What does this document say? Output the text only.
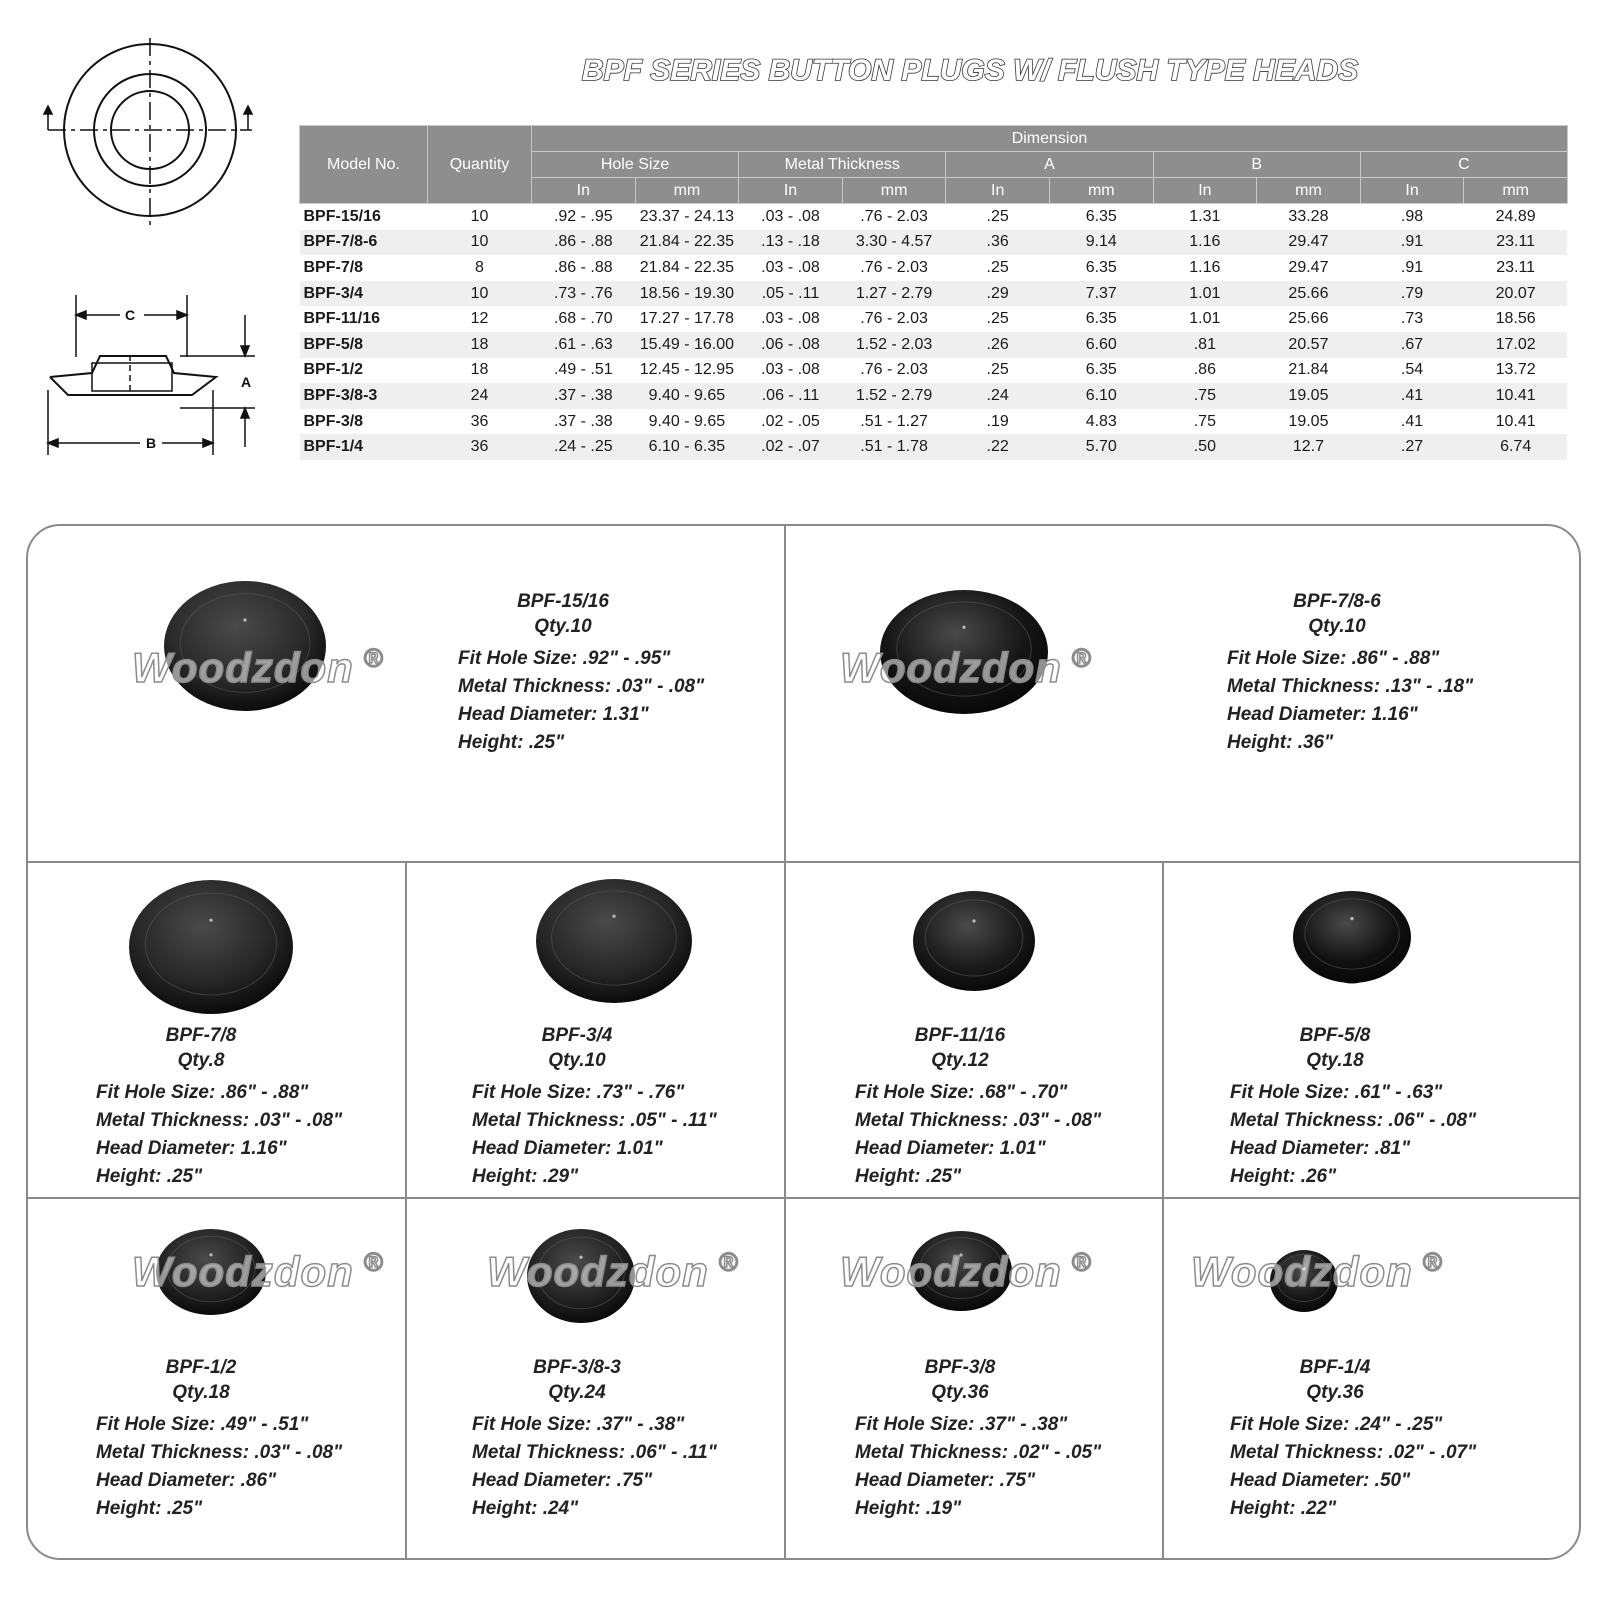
BPF SERIES BUTTON PLUGS W/ FLUSH TYPE HEADS
C
B
A
Model No.	Quantity	Dimension									
		Hole Size		Metal Thickness		A		B		C	
		In	mm	In	mm	In	mm	In	mm	In	mm
BPF-15/16	10	.92 - .95	23.37 - 24.13	.03 - .08	.76 - 2.03	.25	6.35	1.31	33.28	.98	24.89
BPF-7/8-6	10	.86 - .88	21.84 - 22.35	.13 - .18	3.30 - 4.57	.36	9.14	1.16	29.47	.91	23.11
BPF-7/8	8	.86 - .88	21.84 - 22.35	.03 - .08	.76 - 2.03	.25	6.35	1.16	29.47	.91	23.11
BPF-3/4	10	.73 - .76	18.56 - 19.30	.05 - .11	1.27 - 2.79	.29	7.37	1.01	25.66	.79	20.07
BPF-11/16	12	.68 - .70	17.27 - 17.78	.03 - .08	.76 - 2.03	.25	6.35	1.01	25.66	.73	18.56
BPF-5/8	18	.61 - .63	15.49 - 16.00	.06 - .08	1.52 - 2.03	.26	6.60	.81	20.57	.67	17.02
BPF-1/2	18	.49 - .51	12.45 - 12.95	.03 - .08	.76 - 2.03	.25	6.35	.86	21.84	.54	13.72
BPF-3/8-3	24	.37 - .38	9.40 - 9.65	.06 - .11	1.52 - 2.79	.24	6.10	.75	19.05	.41	10.41
BPF-3/8	36	.37 - .38	9.40 - 9.65	.02 - .05	.51 - 1.27	.19	4.83	.75	19.05	.41	10.41
BPF-1/4	36	.24 - .25	6.10 - 6.35	.02 - .07	.51 - 1.78	.22	5.70	.50	12.7	.27	6.74
Woodzdon ®
BPF-15/16
Qty.10
Fit Hole Size: .92" - .95"
Metal Thickness: .03" - .08"
Head Diameter: 1.31"
Height: .25"
Woodzdon ®
BPF-7/8-6
Qty.10
Fit Hole Size: .86" - .88"
Metal Thickness: .13" - .18"
Head Diameter: 1.16"
Height: .36"
BPF-7/8
Qty.8
Fit Hole Size: .86" - .88"
Metal Thickness: .03" - .08"
Head Diameter: 1.16"
Height: .25"
BPF-3/4
Qty.10
Fit Hole Size: .73" - .76"
Metal Thickness: .05" - .11"
Head Diameter: 1.01"
Height: .29"
BPF-11/16
Qty.12
Fit Hole Size: .68" - .70"
Metal Thickness: .03" - .08"
Head Diameter: 1.01"
Height: .25"
BPF-5/8
Qty.18
Fit Hole Size: .61" - .63"
Metal Thickness: .06" - .08"
Head Diameter: .81"
Height: .26"
Woodzdon ®
BPF-1/2
Qty.18
Fit Hole Size: .49" - .51"
Metal Thickness: .03" - .08"
Head Diameter: .86"
Height: .25"
Woodzdon ®
BPF-3/8-3
Qty.24
Fit Hole Size: .37" - .38"
Metal Thickness: .06" - .11"
Head Diameter: .75"
Height: .24"
Woodzdon ®
BPF-3/8
Qty.36
Fit Hole Size: .37" - .38"
Metal Thickness: .02" - .05"
Head Diameter: .75"
Height: .19"
Woodzdon ®
BPF-1/4
Qty.36
Fit Hole Size: .24" - .25"
Metal Thickness: .02" - .07"
Head Diameter: .50"
Height: .22"
